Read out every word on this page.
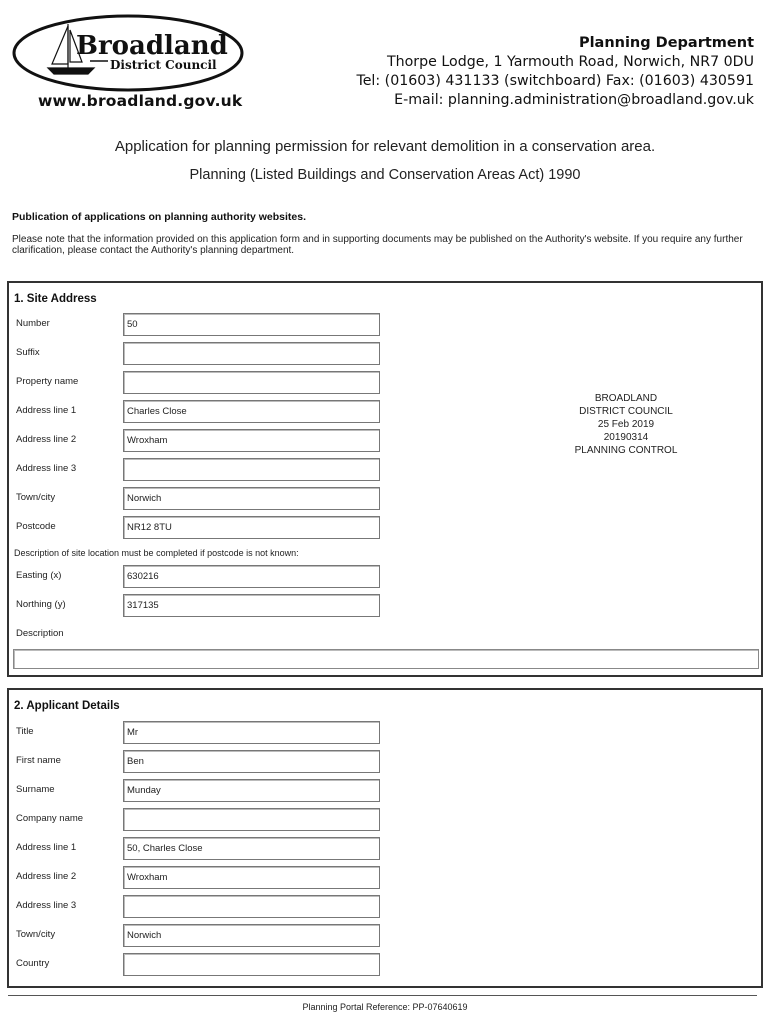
Broadland
District Council
www.broadland.gov.uk
Planning Department
Thorpe Lodge, 1 Yarmouth Road, Norwich, NR7 0DU
Tel: (01603) 431133 (switchboard) Fax: (01603) 430591
E-mail: planning.administration@broadland.gov.uk
Application for planning permission for relevant demolition in a conservation area.
Planning (Listed Buildings and Conservation Areas Act) 1990
Publication of applications on planning authority websites.
Please note that the information provided on this application form and in supporting documents may be published on the Authority's website. If you require any further clarification, please contact the Authority's planning department.
1. Site Address
Number	50
Suffix
Property name
Address line 1	Charles Close
Address line 2	Wroxham
Address line 3
Town/city	Norwich
Postcode	NR12 8TU
Description of site location must be completed if postcode is not known:
Easting (x)	630216
Northing (y)	317135
Description
BROADLAND
DISTRICT COUNCIL
25 Feb 2019
20190314
PLANNING CONTROL
2. Applicant Details
Title	Mr
First name	Ben
Surname	Munday
Company name
Address line 1	50, Charles Close
Address line 2	Wroxham
Address line 3
Town/city	Norwich
Country
Planning Portal Reference: PP-07640619
